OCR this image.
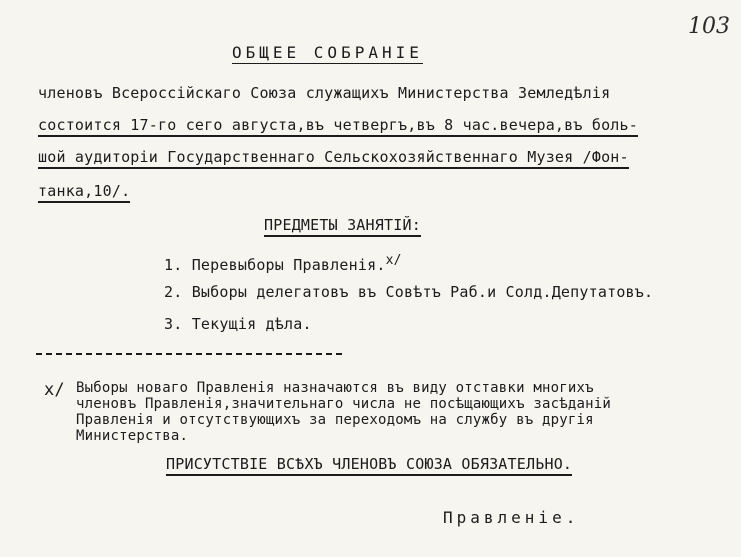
103
ОБЩЕЕ СОБРАНІЕ
членовъ Всероссійскаго Союза служащихъ Министерства Земледѣлія
состоится 17-го сего августа,въ четвергъ,въ 8 час.вечера,въ боль-
шой аудиторіи Государственнаго Сельскохозяйственнаго Музея /Фон-
танка,10/.
ПРЕДМЕТЫ ЗАНЯТІЙ:
1. Перевыборы Правленія.x/
2. Выборы делегатовъ въ Совѣтъ Раб.и Солд.Депутатовъ.
3. Текущія дѣла.
x/ Выборы новаго Правленія назначаются въ виду отставки многихъ
членовъ Правленія,значительнаго числа не посѣщающихъ засѣданій
Правленія и отсутствующихъ за переходомъ на службу въ другія
Министерства.
ПРИСУТСТВІЕ ВСѢХЪ ЧЛЕНОВЪ СОЮЗА ОБЯЗАТЕЛЬНО.
Правленіе.
